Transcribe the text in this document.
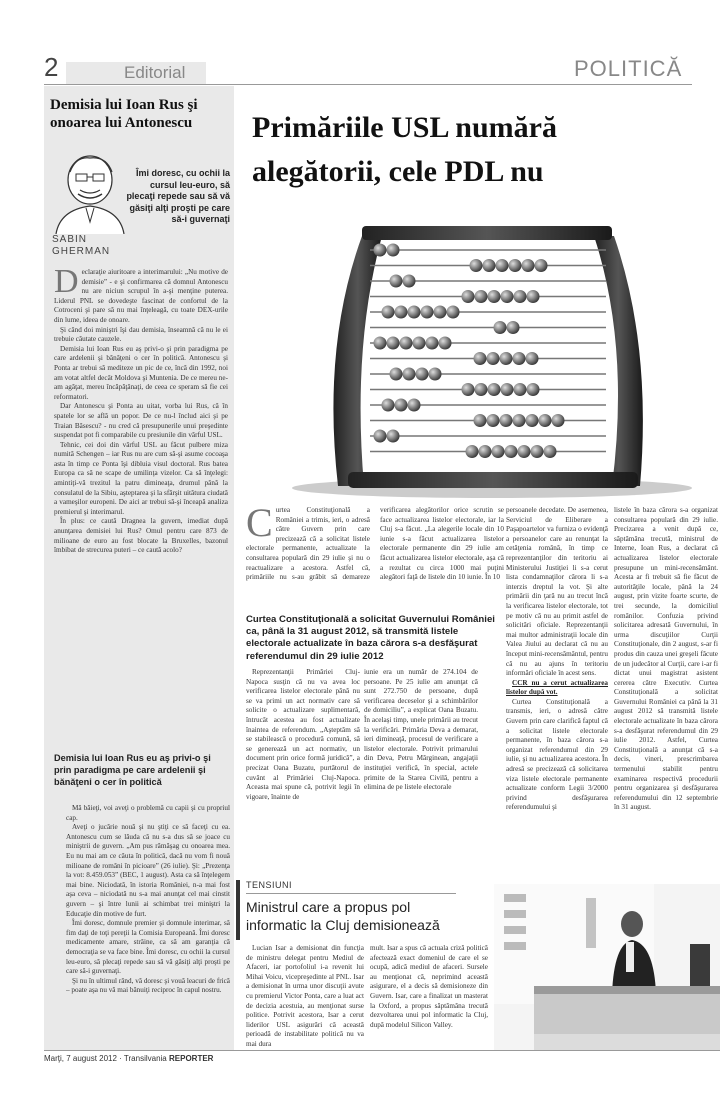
2	Editorial	POLITICĂ
Demisia lui Ioan Rus şi onoarea lui Antonescu
Îmi doresc, cu ochii la cursul leu-euro, să plecaţi repede sau să vă găsiţi alţi proşti pe care să-i guvernaţi
SABIN
GHERMAN
D eclaraţie aiuritoare a interimarului: „Nu motive de demisie” - e şi confirmarea că domnul Antonescu nu are niciun scrupul în a-şi menţine puterea. Liderul PNL se dovedeşte fascinat de confortul de la Cotroceni şi pare să nu mai înţeleagă, cu toate DEX-urile din lume, ideea de onoare.

Şi când doi miniştri îşi dau demisia, înseamnă că nu le ei trebuie căutate cauzele.

Demisia lui Ioan Rus eu aş privi-o şi prin paradigma pe care ardelenii şi bănăţeni o cer în politică. Antonescu şi Ponta ar trebui să mediteze un pic de ce, încă din 1992, noi am votat altfel decât Moldova şi Muntenia. De ce mereu ne-am agăţat, mereu încăpăţânaţi, de ceea ce speram să fie cei reformatori.

Dar Antonescu şi Ponta au uitat, vorba lui Rus, că în spatele lor se află un popor. De ce nu-l înclud aici şi pe Traian Băsescu? - nu cred că presupunerile unui preşedinte suspendat pot fi comparabile cu presiunile din vârful USL.

Tehnic, cei doi din vârful USL au făcut pulbere miza numită Schengen – iar Rus nu are cum să-şi asume cocoaşa asta în timp ce Ponta îşi dibluia visul doctoral. Rus batea Europa ca să ne scape de umilinţa vizelor. Ca să înţelegi: amintiţi-vă trezitul la patru dimineaţa, drumul până la consulatul de la Sibiu, aşteptarea şi la sfârşit uitătura ciudată a vameşilor europeni. De aici ar trebui să-şi înceapă analiza premierul şi interimarul.

În plus: ce caută Dragnea la guvern, imediat după anunţarea demisiei lui Rus? Omul pentru care 873 de milioane de euro au fost blocate la Bruxelles, bazonul îmbibat de strecurea puteri – ce caută acolo?

Demisia lui Ioan Rus eu aş privi-o şi prin paradigma pe care ardelenii şi bănăţeni o cer în politică

Mă băieţi, voi aveţi o problemă cu capii şi cu propriul cap.

Aveţi o jucărie nouă şi nu ştiţi ce să faceţi cu ea. Antonescu cum se lăuda că nu s-a dus să se joace cu miniştrii de guvern. „Am pus rămăşag cu onoarea mea. Eu nu mai am ce căuta în politică, dacă nu vom fi nouă milioane de români în picioare” (26 iulie). Şi: „Prezenţa la vot: 8.459.053” (BEC, 1 august). Asta ca să înţelegem mai bine. Niciodată, în istoria României, n-a mai fost aşa ceva – niciodată nu s-a mai anunţat cel mai cinstit guvern – şi între lunii ai schimbat trei miniştri la Educaţie din motive de furt.

Îmi doresc, domnule premier şi domnule interimar, să fim daţi de toţi pereţii la Comisia Europeană. Îmi doresc medicamente amare, străine, ca să am garanţia că democraţia se va face bine. Îmi doresc, cu ochii la cursul leu-euro, să plecaţi repede sau să vă găsiţi alţi proşti pe care să-i guvernaţi.

Şi nu în ultimul rând, vă doresc şi vouă leacuri de frică – poate aşa nu vă mai bănuiţi reciproc în capul nostru.

Primăriile USL numără alegătorii, cele PDL nu
C urtea Constituţională a României a trimis, ieri, o adresă către Guvern prin care precizează că a solicitat listele electorale permanente, actualizate la consultarea populară din 29 iulie şi nu o reactualizare a acestora. Astfel că, primăriile nu s-au grăbit să demareze verificarea alegătorilor orice scrutin se face actualizarea listelor electorale, iar la Cluj s-a făcut. „La alegerile locale din 10 iunie s-a făcut actualizarea listelor electorale permanente din 29 iulie am făcut actualizarea listelor electorale, aşa că a rezultat cu circa 1000 mai puţini alegători faţă de listele din 10 iunie. În 10
Curtea Constituţională a solicitat Guvernului României ca, până la 31 august 2012, să transmită listele electorale actualizate în baza cărora s-a desfăşurat referendumul din 29 iulie 2012

Reprezentanţii Primăriei Cluj-Napoca susţin că nu va avea loc verificarea listelor electorale până nu se va primi un act normativ care să solicite o actualizare suplimentară, întrucât acestea au fost actualizate înaintea de referendum. „Aşteptăm să se stabilească o procedură comună, să se generează un act normativ, un document prin orice formă juridică”, a precizat Oana Buzatu, purtătorul de cuvânt al Primăriei Cluj-Napoca. Aceasta mai spune că, potrivit legii în vigoare, înainte de

iunie era un număr de 274.104 de persoane. Pe 25 iulie am anunţat că sunt 272.750 de persoane, după verificarea deceselor şi a schimbărilor de domiciliu”, a explicat Oana Buzatu. În acelaşi timp, unele primării au trecut la verificări. Primăria Deva a demarat, ieri dimineaţă, procesul de verificare a listelor electorale. Potrivit primarului din Deva, Petru Mărginean, angajaţii instituţiei verifică, în special, actele primite de la Starea Civilă, pentru a elimina de pe listele electorale

persoanele decedate. De asemenea, Serviciul de Eliberare a Paşapoartelor va furniza o evidenţă a persoanelor care au renunţat la cetăţenia română, în timp ce reprezentanţilor din teritoriu ai Ministerului Justiţiei li s-a cerut lista condamnaţilor cărora li s-a interzis dreptul la vot. Şi alte primării din ţară nu au trecut încă la verificarea listelor electorale, tot pe motiv că nu au primit astfel de solicitări oficiale. Reprezentanţii mai multor administraţii locale din Valea Jiului au declarat că nu au început mini-recensământul, pentru că nu au ajuns în teritoriu informări oficiale în acest sens.

CCR nu a cerut actualizarea listelor după vot.

Curtea Constituţională a transmis, ieri, o adresă către Guvern prin care clarifică faptul că a solicitat listele electorale permanente, în baza cărora s-a organizat referendumul din 29 iulie, şi nu actualizarea acestora. În adresă se precizează că solicitarea viza listele electorale permanente actualizate conform Legii 3/2000 privind desfăşurarea referendumului şi

listele în baza cărora s-a organizat consultarea populară din 29 iulie. Precizarea a venit după ce, săptămâna trecută, ministrul de Interne, Ioan Rus, a declarat că actualizarea listelor electorale presupune un mini-recensământ. Acesta ar fi trebuit să fie făcut de autorităţile locale, până la 24 august, prin vizite foarte scurte, de trei secunde, la domiciliul românilor. Confuzia privind solicitarea adresată Guvernului, în urma discuţiilor Curţii Constituţionale, din 2 august, s-ar fi produs din cauza unei greşeli făcute de un judecător al Curţii, care i-ar fi dictat unui magistrat asistent cererea către Executiv. Curtea Constituţională a solicitat Guvernului României ca până la 31 august 2012 să transmită listele electorale actualizate în baza cărora s-a desfăşurat referendumul din 29 iulie 2012. Astfel, Curtea Constituţională a anunţat că s-a decis, vineri, prescrimbarea termenului stabilit pentru examinarea respectivă procedurii pentru organizarea şi desfăşurarea referendumului din 12 septembrie în 31 august.

TENSIUNI
Ministrul care a propus pol informatic la Cluj demisionează

Lucian Isar a demisionat din funcţia de ministru delegat pentru Mediul de Afaceri, iar portofoliul i-a revenit lui Mihai Voicu, vicepreşedinte al PNL. Isar a demisionat în urma unor discuţii avute cu premierul Victor Ponta, care a luat act de decizia acestuia, au menţionat surse politice. Potrivit acestora, Isar a cerut liderilor USL asigurări că această perioadă de instabilitate politică nu va mai dura

mult. Isar a spus că actuala criză politică afectează exact domeniul de care el se ocupă, adică mediul de afaceri. Sursele au menţionat că, neprimind această asigurare, el a decis să demisioneze din Guvern. Isar, care a finalizat un masterat la Oxford, a propus săptămâna trecută dezvoltarea unui pol informatic la Cluj, după modelul Silicon Valley.

Marţi, 7 august 2012 · Transilvania REPORTER
